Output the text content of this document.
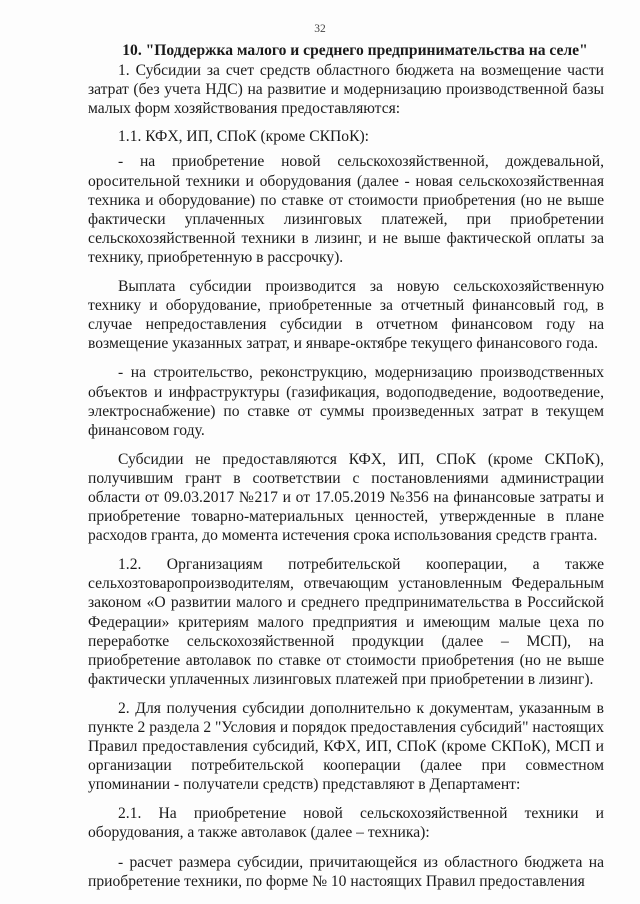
32

10. "Поддержка малого и среднего предпринимательства на селе"

1. Субсидии за счет средств областного бюджета на возмещение части затрат (без учета НДС) на развитие и модернизацию производственной базы малых форм хозяйствования предоставляются:

1.1. КФХ, ИП, СПоК (кроме СКПоК):

- на приобретение новой сельскохозяйственной, дождевальной, оросительной техники и оборудования (далее - новая сельскохозяйственная техника и оборудование) по ставке от стоимости приобретения (но не выше фактически уплаченных лизинговых платежей, при приобретении сельскохозяйственной техники в лизинг, и не выше фактической оплаты за технику, приобретенную в рассрочку).

Выплата субсидии производится за новую сельскохозяйственную технику и оборудование, приобретенные за отчетный финансовый год, в случае непредоставления субсидии в отчетном финансовом году на возмещение указанных затрат, и январе-октябре текущего финансового года.

- на строительство, реконструкцию, модернизацию производственных объектов и инфраструктуры (газификация, водоподведение, водоотведение, электроснабжение) по ставке от суммы произведенных затрат в текущем финансовом году.

Субсидии не предоставляются КФХ, ИП, СПоК (кроме СКПоК), получившим грант в соответствии с постановлениями администрации области от 09.03.2017 №217 и от 17.05.2019 №356 на финансовые затраты и приобретение товарно-материальных ценностей, утвержденные в плане расходов гранта, до момента истечения срока использования средств гранта.

1.2. Организациям потребительской кооперации, а также сельхозтоваропроизводителям, отвечающим установленным Федеральным законом «О развитии малого и среднего предпринимательства в Российской Федерации» критериям малого предприятия и имеющим малые цеха по переработке сельскохозяйственной продукции (далее – МСП), на приобретение автолавок по ставке от стоимости приобретения (но не выше фактически уплаченных лизинговых платежей при приобретении в лизинг).

2. Для получения субсидии дополнительно к документам, указанным в пункте 2 раздела 2 "Условия и порядок предоставления субсидий" настоящих Правил предоставления субсидий, КФХ, ИП, СПоК (кроме СКПоК), МСП и организации потребительской кооперации (далее при совместном упоминании - получатели средств) представляют в Департамент:

2.1. На приобретение новой сельскохозяйственной техники и оборудования, а также автолавок (далее – техника):

- расчет размера субсидии, причитающейся из областного бюджета на приобретение техники, по форме № 10 настоящих Правил предоставления
